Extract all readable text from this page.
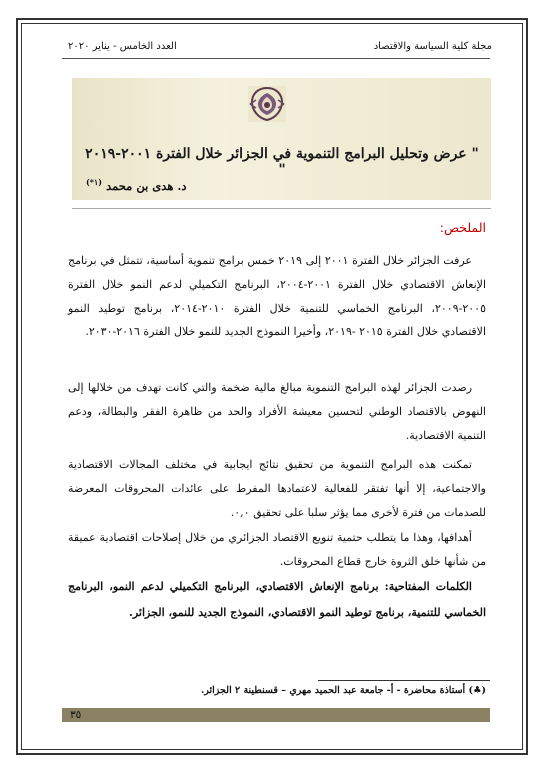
مجلة كلية السياسة والاقتصاد
العدد الخامس - يناير ٢٠٢٠
" عرض وتحليل البرامج التنموية في الجزائر خلال الفترة ٢٠٠١-٢٠١٩ "
د. هدى بن محمد $^{(١*)}$
الملخص:

عرفت الجزائر خلال الفترة ٢٠٠١ إلى ٢٠١٩ خمس برامج تنموية أساسية، تتمثل في برنامج الإنعاش الاقتصادي خلال الفترة ٢٠٠١-٢٠٠٤، البرنامج التكميلي لدعم النمو خلال الفترة ٢٠٠٥-٢٠٠٩، البرنامج الخماسي للتنمية خلال الفترة ٢٠١٠-٢٠١٤، برنامج توطيد النمو الاقتصادي خلال الفترة ٢٠١٥ -٢٠١٩، وأخيرا النموذج الجديد للنمو خلال الفترة ٢٠١٦-٢٠٣٠.

رصدت الجزائر لهذه البرامج التنموية مبالغ مالية ضخمة والتي كانت تهدف من خلالها إلى النهوض بالاقتصاد الوطني لتحسين معيشة الأفراد والحد من ظاهرة الفقر والبطالة، ودعم التنمية الاقتصادية.

تمكنت هذه البرامج التنموية من تحقيق نتائج ايجابية في مختلف المجالات الاقتصادية والاجتماعية، إلا أنها تفتقر للفعالية لاعتمادها المفرط على عائدات المحروقات المعرضة للصدمات من فترة لأخرى مما يؤثر سلبا على تحقيق ٠,٠.

أهدافها، وهذا ما يتطلب حتمية تنويع الاقتصاد الجزائري من خلال إصلاحات اقتصادية عميقة من شأنها خلق الثروة خارج قطاع المحروقات.

الكلمات المفتاحية: برنامج الإنعاش الاقتصادي، البرنامج التكميلي لدعم النمو، البرنامج الخماسي للتنمية، برنامج توطيد النمو الاقتصادي، النموذج الجديد للنمو، الجزائر.
(♣) أستاذة محاضرة - أ- جامعة عبد الحميد مهري – قسنطينة ٢ الجزائر.
٣٥
